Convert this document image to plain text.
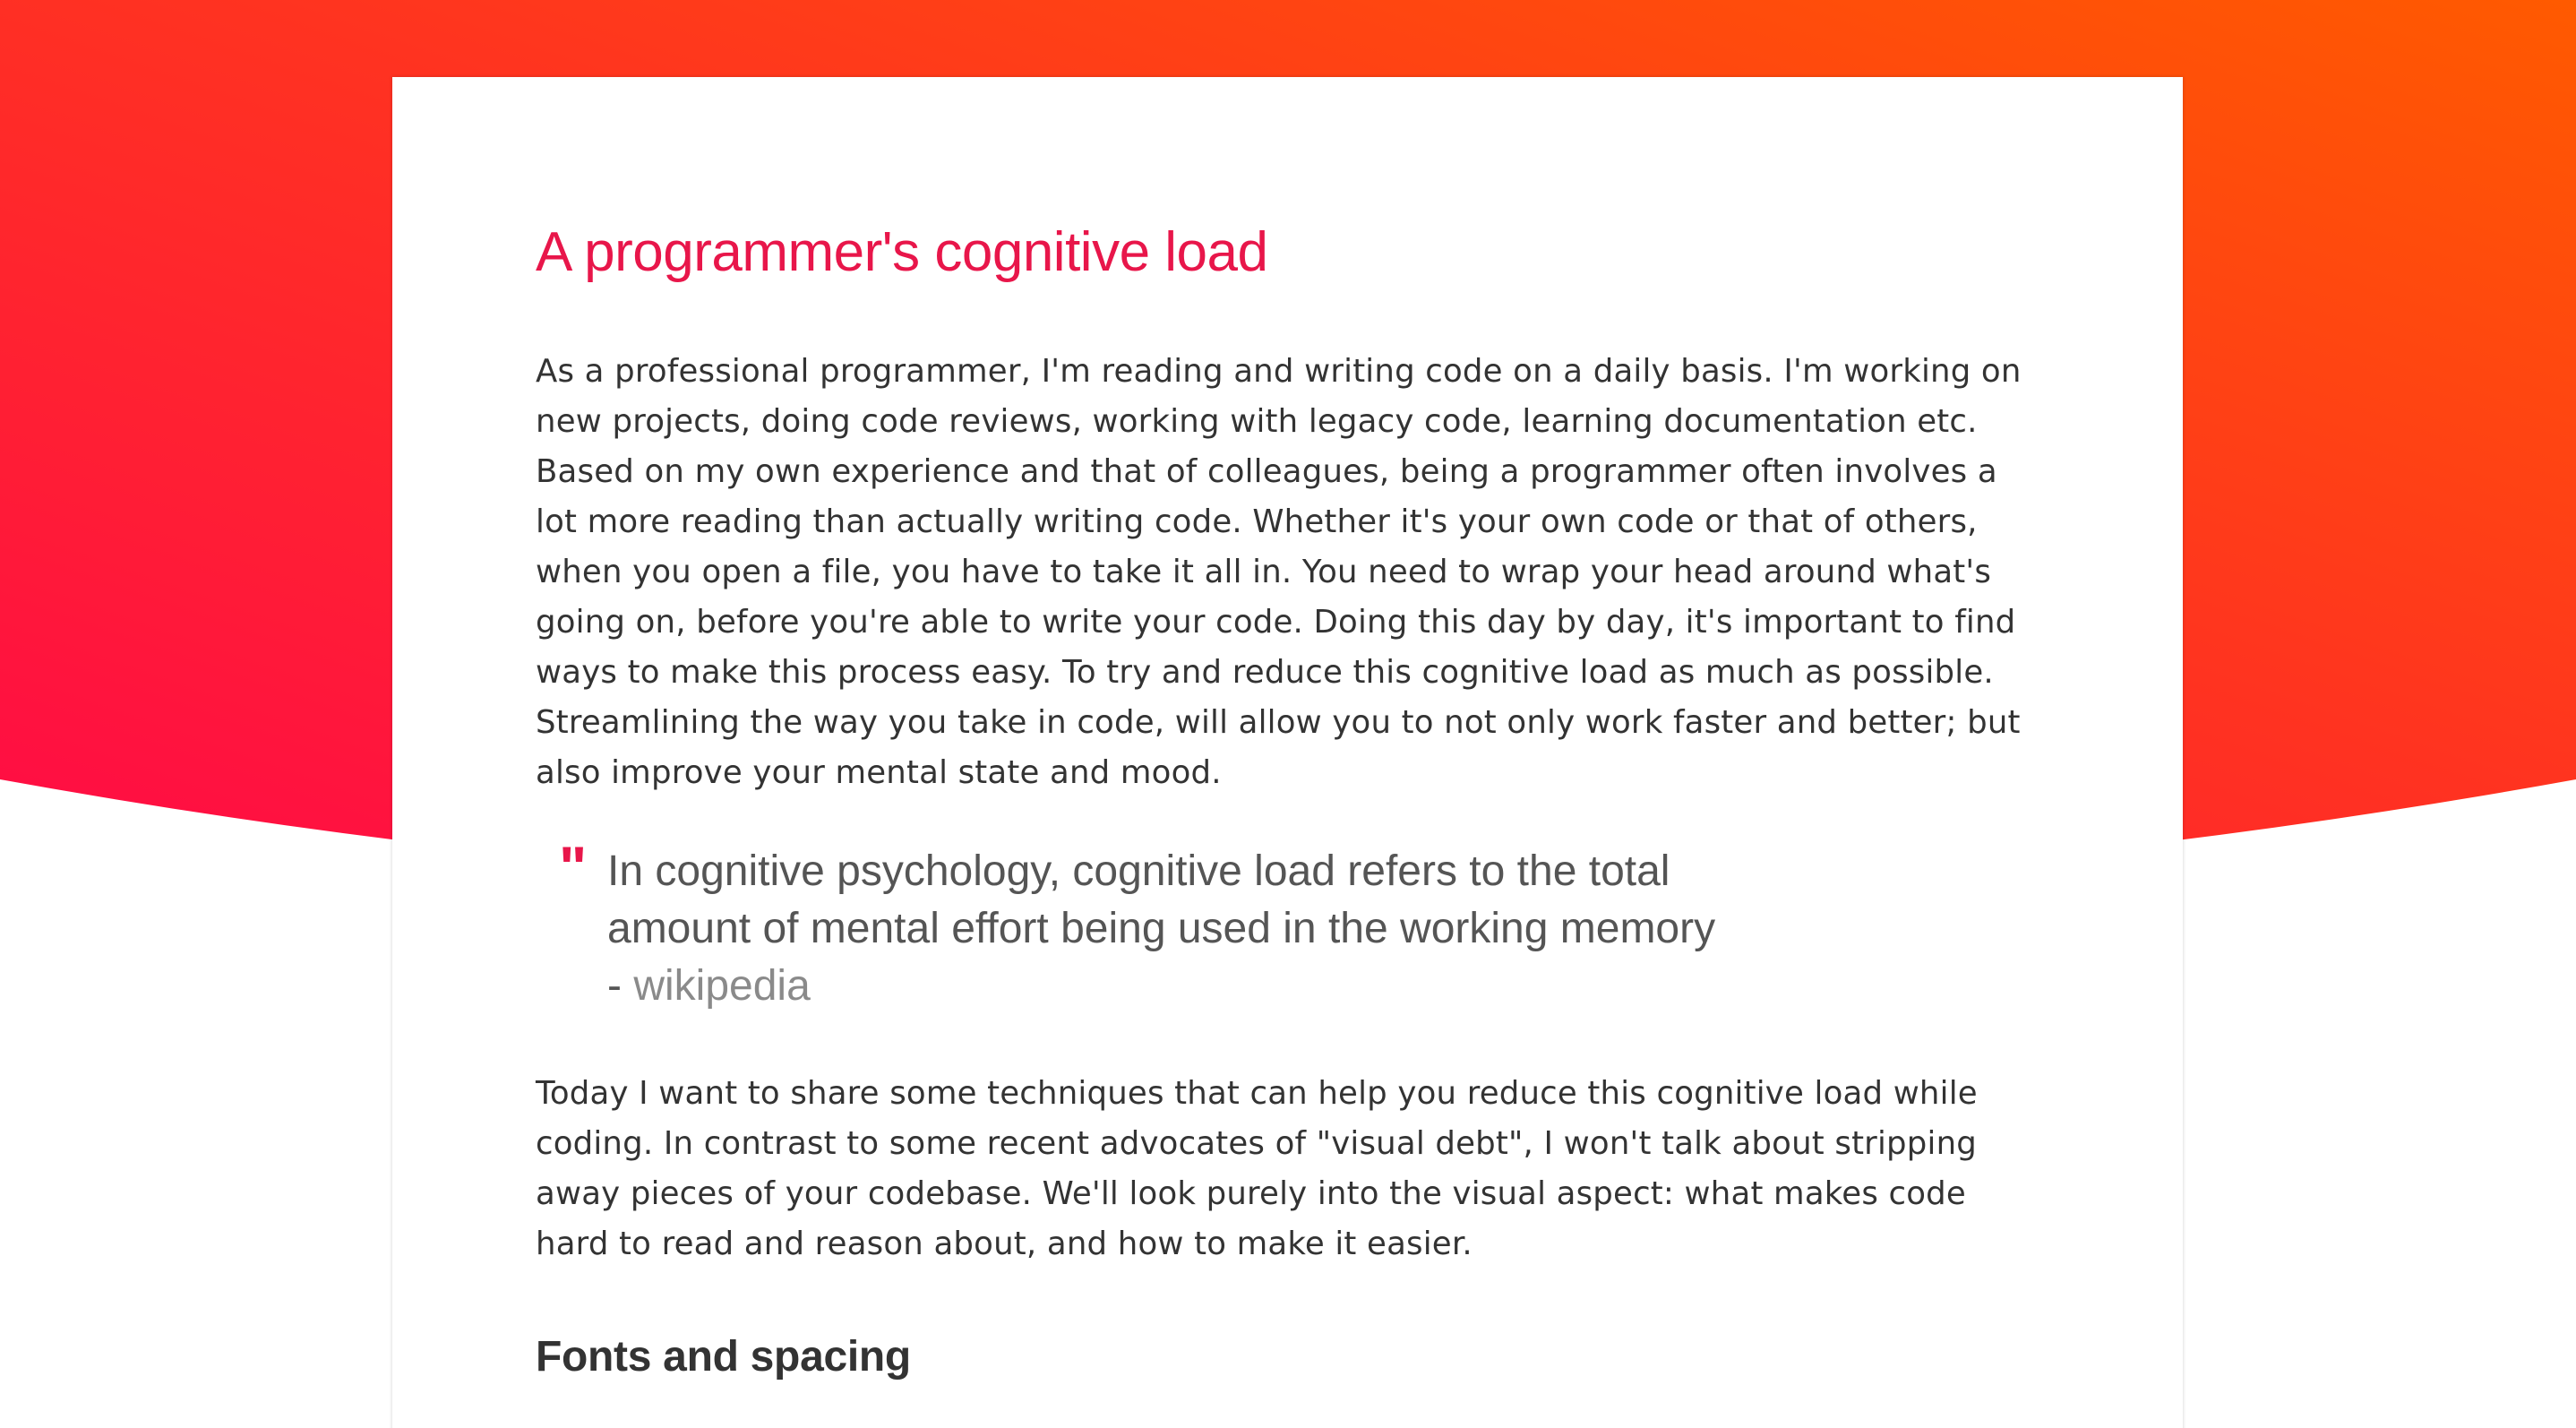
A programmer's cognitive load

As a professional programmer, I'm reading and writing code on a daily basis. I'm working on new projects, doing code reviews, working with legacy code, learning documentation etc. Based on my own experience and that of colleagues, being a programmer often involves a lot more reading than actually writing code. Whether it's your own code or that of others, when you open a file, you have to take it all in. You need to wrap your head around what's going on, before you're able to write your code. Doing this day by day, it's important to find ways to make this process easy. To try and reduce this cognitive load as much as possible. Streamlining the way you take in code, will allow you to not only work faster and better; but also improve your mental state and mood.

" In cognitive psychology, cognitive load refers to the total amount of mental effort being used in the working memory - wikipedia

Today I want to share some techniques that can help you reduce this cognitive load while coding. In contrast to some recent advocates of "visual debt", I won't talk about stripping away pieces of your codebase. We'll look purely into the visual aspect: what makes code hard to read and reason about, and how to make it easier.

Fonts and spacing
